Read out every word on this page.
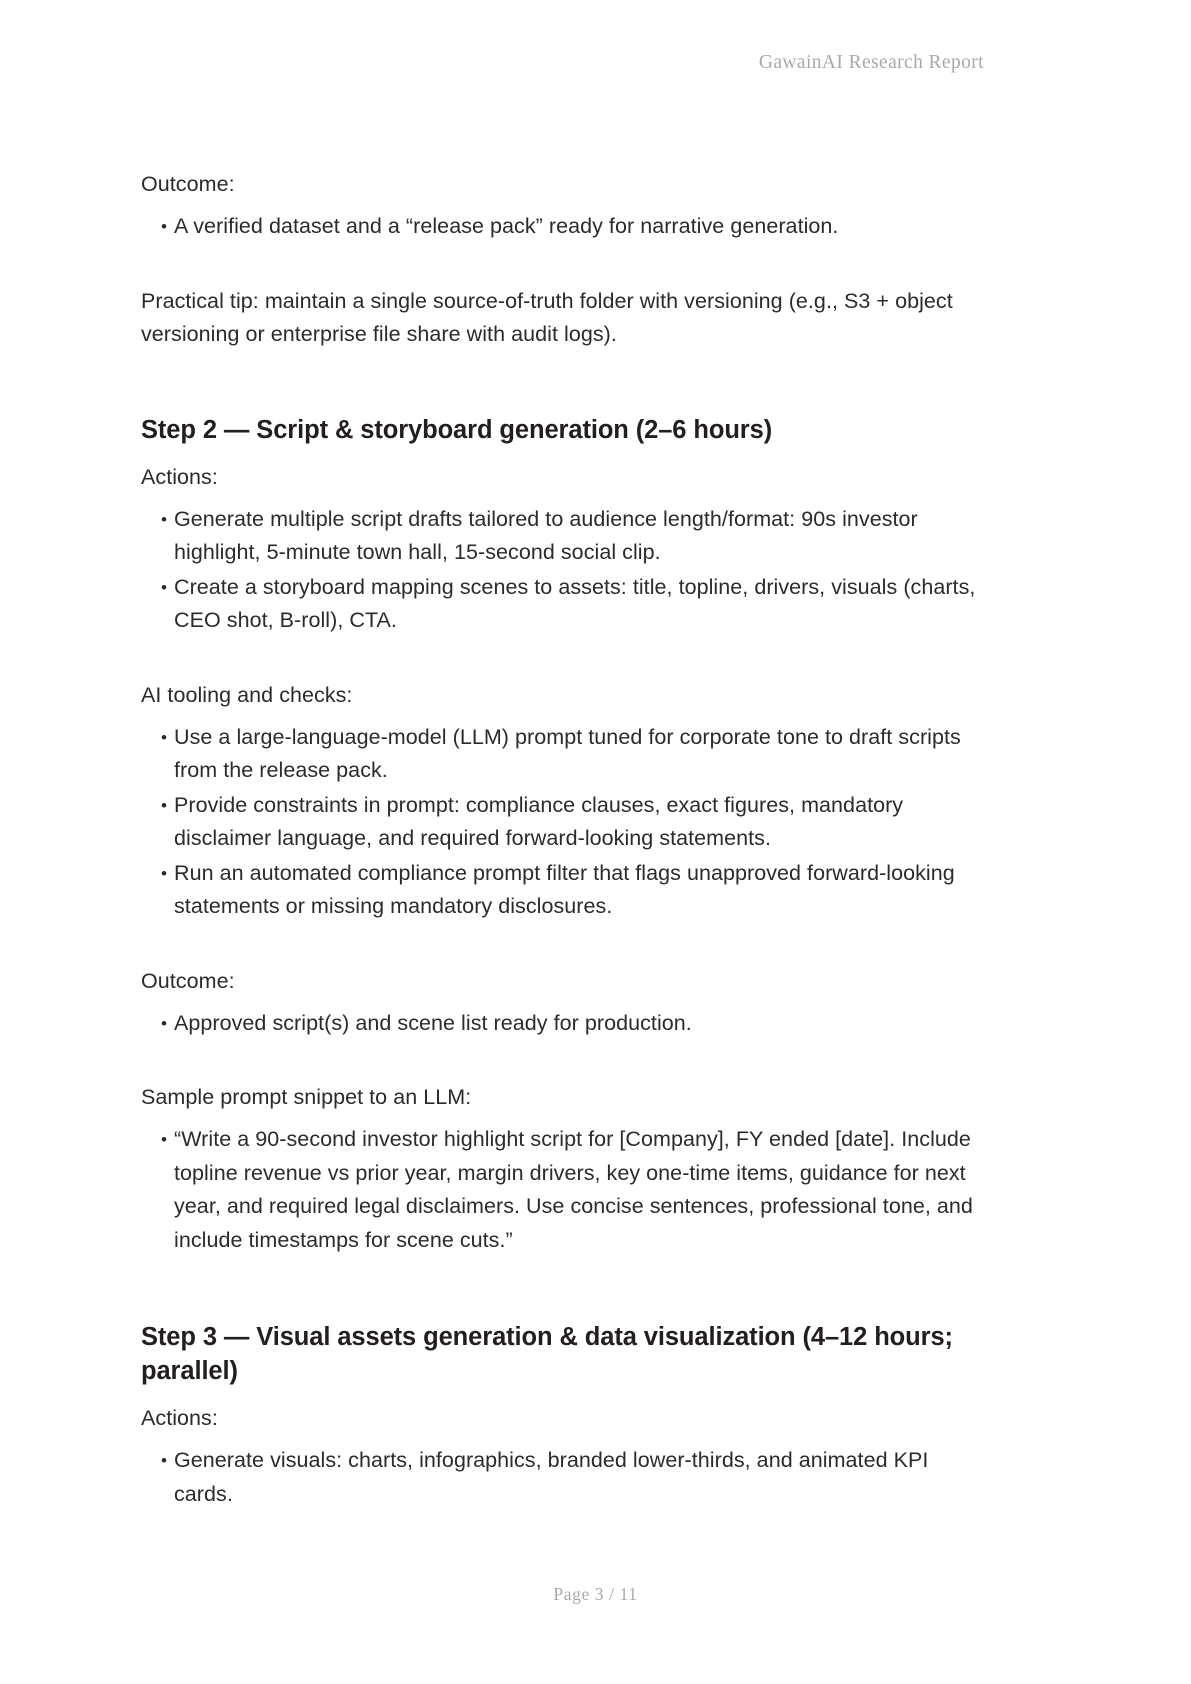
GawainAI Research Report

Outcome:

• A verified dataset and a “release pack” ready for narrative generation.

Practical tip: maintain a single source-of-truth folder with versioning (e.g., S3 + object versioning or enterprise file share with audit logs).

Step 2 — Script & storyboard generation (2–6 hours)

Actions:

• Generate multiple script drafts tailored to audience length/format: 90s investor highlight, 5-minute town hall, 15-second social clip.
• Create a storyboard mapping scenes to assets: title, topline, drivers, visuals (charts, CEO shot, B-roll), CTA.

AI tooling and checks:

• Use a large-language-model (LLM) prompt tuned for corporate tone to draft scripts from the release pack.
• Provide constraints in prompt: compliance clauses, exact figures, mandatory disclaimer language, and required forward-looking statements.
• Run an automated compliance prompt filter that flags unapproved forward-looking statements or missing mandatory disclosures.

Outcome:

• Approved script(s) and scene list ready for production.

Sample prompt snippet to an LLM:

• “Write a 90-second investor highlight script for [Company], FY ended [date]. Include topline revenue vs prior year, margin drivers, key one-time items, guidance for next year, and required legal disclaimers. Use concise sentences, professional tone, and include timestamps for scene cuts.”
Step 3 — Visual assets generation & data visualization (4–12 hours; parallel)

Actions:

• Generate visuals: charts, infographics, branded lower-thirds, and animated KPI cards.
Page 3 / 11
